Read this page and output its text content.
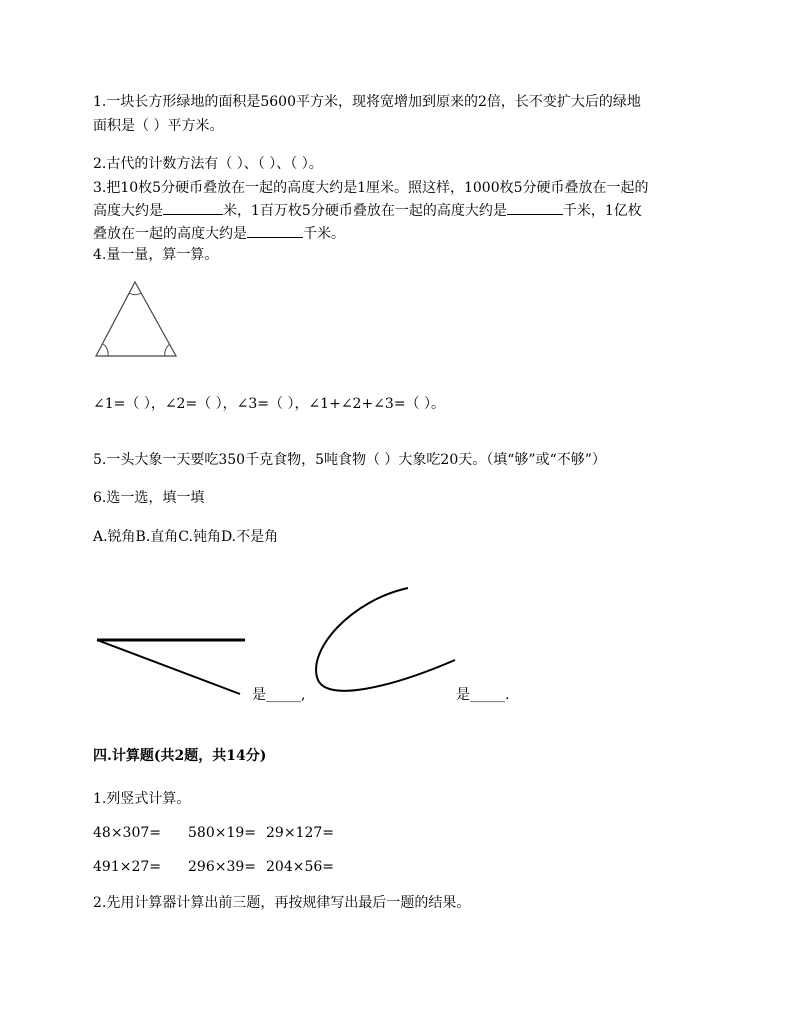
1.一块长方形绿地的面积是5600平方米，现将宽增加到原来的2倍，长不变扩大后的绿地
面积是（ ）平方米。
2.古代的计数方法有（ ）、（ ）、（ ）。
3.把10枚5分硬币叠放在一起的高度大约是1厘米。照这样，1000枚5分硬币叠放在一起的
高度大约是	米，1百万枚5分硬币叠放在一起的高度大约是	千米，1亿枚
叠放在一起的高度大约是	千米。
4.量一量，算一算。
∠1=（ ），∠2=（ ），∠3=（ ），∠1+∠2+∠3=（ ）。
5.一头大象一天要吃350千克食物，5吨食物（ ）大象吃20天。（填“够”或“不够”）
6.选一选，填一填
A.锐角B.直角C.钝角D.不是角
是_____,	是_____.
四.计算题(共2题，共14分)
1.列竖式计算。
48×307= 580×19= 29×127=
491×27= 296×39= 204×56=
2.先用计算器计算出前三题，再按规律写出最后一题的结果。
